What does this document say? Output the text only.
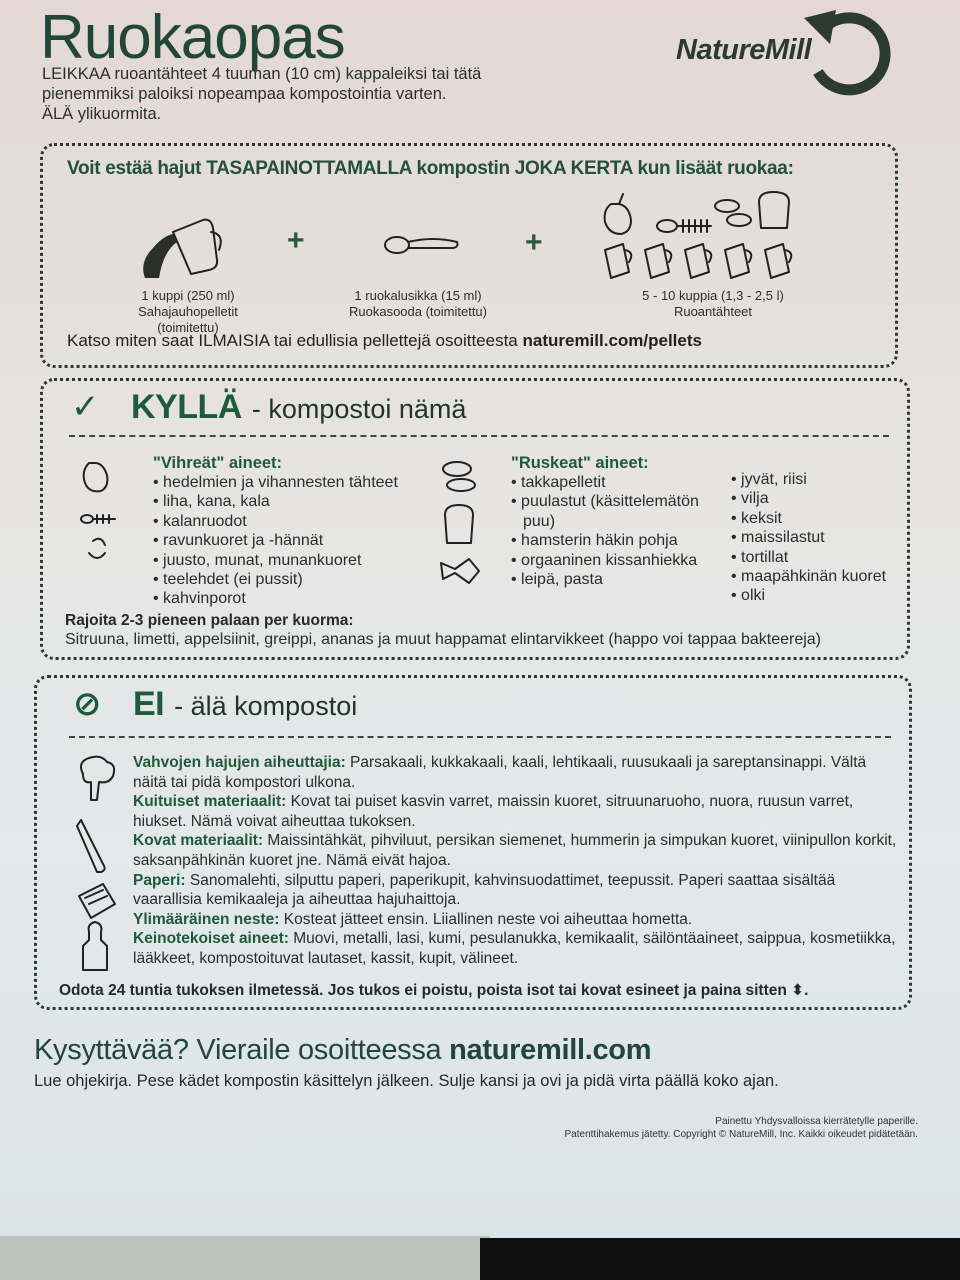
Ruokaopas
LEIKKAA ruoantähteet 4 tuuman (10 cm) kappaleiksi tai tätä
pienemmiksi paloiksi nopeampaa kompostointia varten.
ÄLÄ ylikuormita.
NatureMill
Voit estää hajut TASAPAINOTTAMALLA kompostin JOKA KERTA kun lisäät ruokaa:
1 kuppi (250 ml)
Sahajauhopelletit (toimitettu)
+
1 ruokalusikka (15 ml)
Ruokasooda (toimitettu)
+
5 - 10 kuppia (1,3 - 2,5 l)
Ruoantähteet
Katso miten saat ILMAISIA tai edullisia pellettejä osoitteesta naturemill.com/pellets
✓ KYLLÄ - kompostoi nämä
"Vihreät" aineet:
• hedelmien ja vihannesten tähteet
• liha, kana, kala
• kalanruodot
• ravunkuoret ja -hännät
• juusto, munat, munankuoret
• teelehdet (ei pussit)
• kahvinporot
"Ruskeat" aineet:
• takkapelletit
• puulastut (käsittelemätön
puu)
• hamsterin häkin pohja
• orgaaninen kissanhiekka
• leipä, pasta
• jyvät, riisi
• vilja
• keksit
• maissilastut
• tortillat
• maapähkinän kuoret
• olki
Rajoita 2-3 pieneen palaan per kuorma:
Sitruuna, limetti, appelsiinit, greippi, ananas ja muut happamat elintarvikkeet (happo voi tappaa bakteereja)
⊘ EI - älä kompostoi
Vahvojen hajujen aiheuttajia: Parsakaali, kukkakaali, kaali, lehtikaali, ruusukaali ja sareptansinappi. Vältä näitä tai pidä kompostori ulkona.
Kuituiset materiaalit: Kovat tai puiset kasvin varret, maissin kuoret, sitruunaruoho, nuora, ruusun varret, hiukset. Nämä voivat aiheuttaa tukoksen.
Kovat materiaalit: Maissintähkät, pihviluut, persikan siemenet, hummerin ja simpukan kuoret, viinipullon korkit, saksanpähkinän kuoret jne. Nämä eivät hajoa.
Paperi: Sanomalehti, silputtu paperi, paperikupit, kahvinsuodattimet, teepussit. Paperi saattaa sisältää vaarallisia kemikaaleja ja aiheuttaa hajuhaittoja.
Ylimääräinen neste: Kosteat jätteet ensin. Liiallinen neste voi aiheuttaa hometta.
Keinotekoiset aineet: Muovi, metalli, lasi, kumi, pesulanukka, kemikaalit, säilöntäaineet, saippua, kosmetiikka, lääkkeet, kompostoituvat lautaset, kassit, kupit, välineet.
Odota 24 tuntia tukoksen ilmetessä. Jos tukos ei poistu, poista isot tai kovat esineet ja paina sitten ⬍.
Kysyttävää? Vieraile osoitteessa naturemill.com
Lue ohjekirja. Pese kädet kompostin käsittelyn jälkeen. Sulje kansi ja ovi ja pidä virta päällä koko ajan.
Painettu Yhdysvalloissa kierrätetylle paperille.
Patenttihakemus jätetty. Copyright © NatureMill, Inc. Kaikki oikeudet pidätetään.
